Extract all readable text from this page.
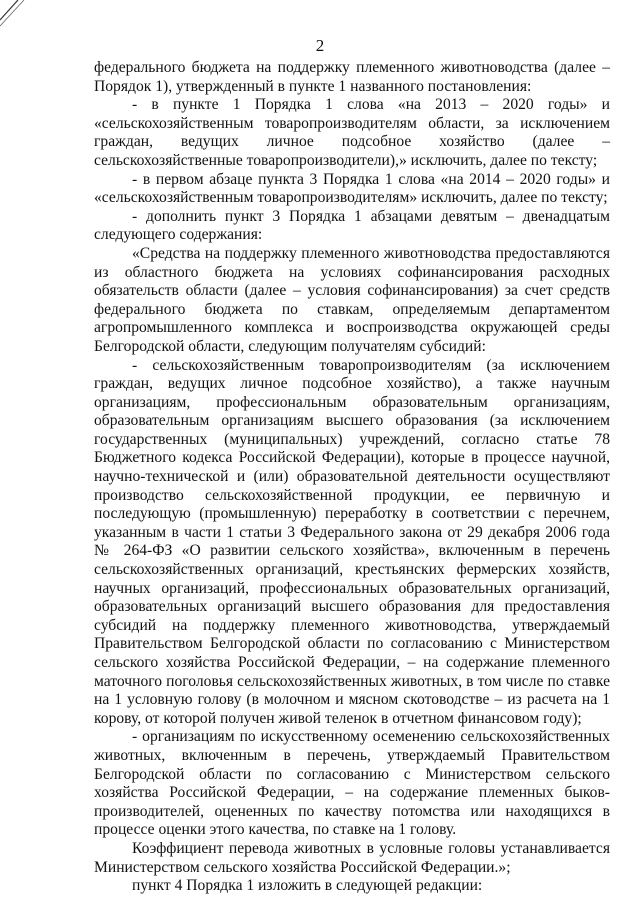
2

федерального бюджета на поддержку племенного животноводства (далее – Порядок 1), утвержденный в пункте 1 названного постановления:

- в пункте 1 Порядка 1 слова «на 2013 – 2020 годы» и «сельскохозяйственным товаропроизводителям области, за исключением граждан, ведущих личное подсобное хозяйство (далее – сельскохозяйственные товаропроизводители),» исключить, далее по тексту;

- в первом абзаце пункта 3 Порядка 1 слова «на 2014 – 2020 годы» и «сельскохозяйственным товаропроизводителям» исключить, далее по тексту;

- дополнить пункт 3 Порядка 1 абзацами девятым – двенадцатым следующего содержания:

«Средства на поддержку племенного животноводства предоставляются из областного бюджета на условиях софинансирования расходных обязательств области (далее – условия софинансирования) за счет средств федерального бюджета по ставкам, определяемым департаментом агропромышленного комплекса и воспроизводства окружающей среды Белгородской области, следующим получателям субсидий:

- сельскохозяйственным товаропроизводителям (за исключением граждан, ведущих личное подсобное хозяйство), а также научным организациям, профессиональным образовательным организациям, образовательным организациям высшего образования (за исключением государственных (муниципальных) учреждений, согласно статье 78 Бюджетного кодекса Российской Федерации), которые в процессе научной, научно-технической и (или) образовательной деятельности осуществляют производство сельскохозяйственной продукции, ее первичную и последующую (промышленную) переработку в соответствии с перечнем, указанным в части 1 статьи 3 Федерального закона от 29 декабря 2006 года № 264-ФЗ «О развитии сельского хозяйства», включенным в перечень сельскохозяйственных организаций, крестьянских фермерских хозяйств, научных организаций, профессиональных образовательных организаций, образовательных организаций высшего образования для предоставления субсидий на поддержку племенного животноводства, утверждаемый Правительством Белгородской области по согласованию с Министерством сельского хозяйства Российской Федерации, – на содержание племенного маточного поголовья сельскохозяйственных животных, в том числе по ставке на 1 условную голову (в молочном и мясном скотоводстве – из расчета на 1 корову, от которой получен живой теленок в отчетном финансовом году);

- организациям по искусственному осеменению сельскохозяйственных животных, включенным в перечень, утверждаемый Правительством Белгородской области по согласованию с Министерством сельского хозяйства Российской Федерации, – на содержание племенных быков-производителей, оцененных по качеству потомства или находящихся в процессе оценки этого качества, по ставке на 1 голову.

Коэффициент перевода животных в условные головы устанавливается Министерством сельского хозяйства Российской Федерации.»;

пункт 4 Порядка 1 изложить в следующей редакции:
